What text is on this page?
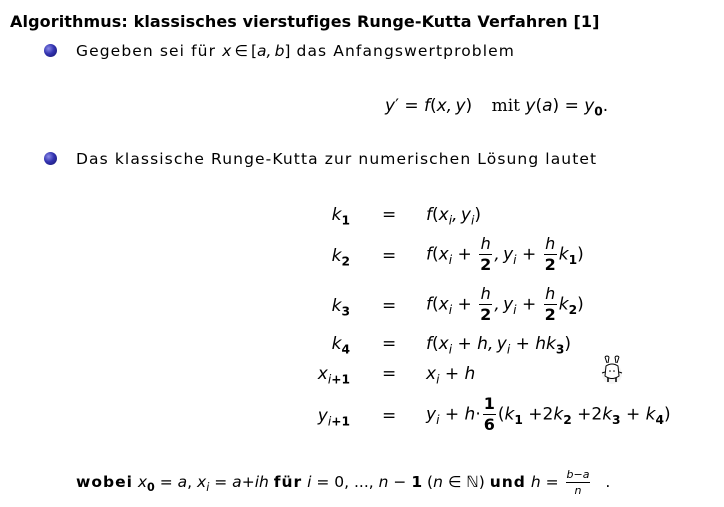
Algorithmus: klassisches vierstufiges Runge-Kutta Verfahren [1]
Gegeben sei für x ∈  [a, b] das Anfangswertproblem
y′ = f(x, y) mit $y(a) = y_0$.
Das klassische Runge-Kutta zur numerischen Lösung lautet
$k_1 = f(x_i$, $y_i$)
$k_2 = f(x_i + \frac{h}{2}$ , $y_i + \frac{h}{2} k_1$)
$k_3 = f(x_i + \frac{h}{2}$ , $y_i + \frac{h}{2} k_2$)
$k_4 = f(x_i + h$, $y_i + hk_3$)
$x_{i+1} = x_i + h$
$y_{i+1} = y_i + h\cdot \frac{1}{6} (k_1 +2k_2 +2k_3 + k_4)$
wobei $x_0 = a$, $x_i = a+ih$ für i = 0, ..., n − 1 (n ∈ ℕ) und $h = \frac{b-a}{n}$ .
